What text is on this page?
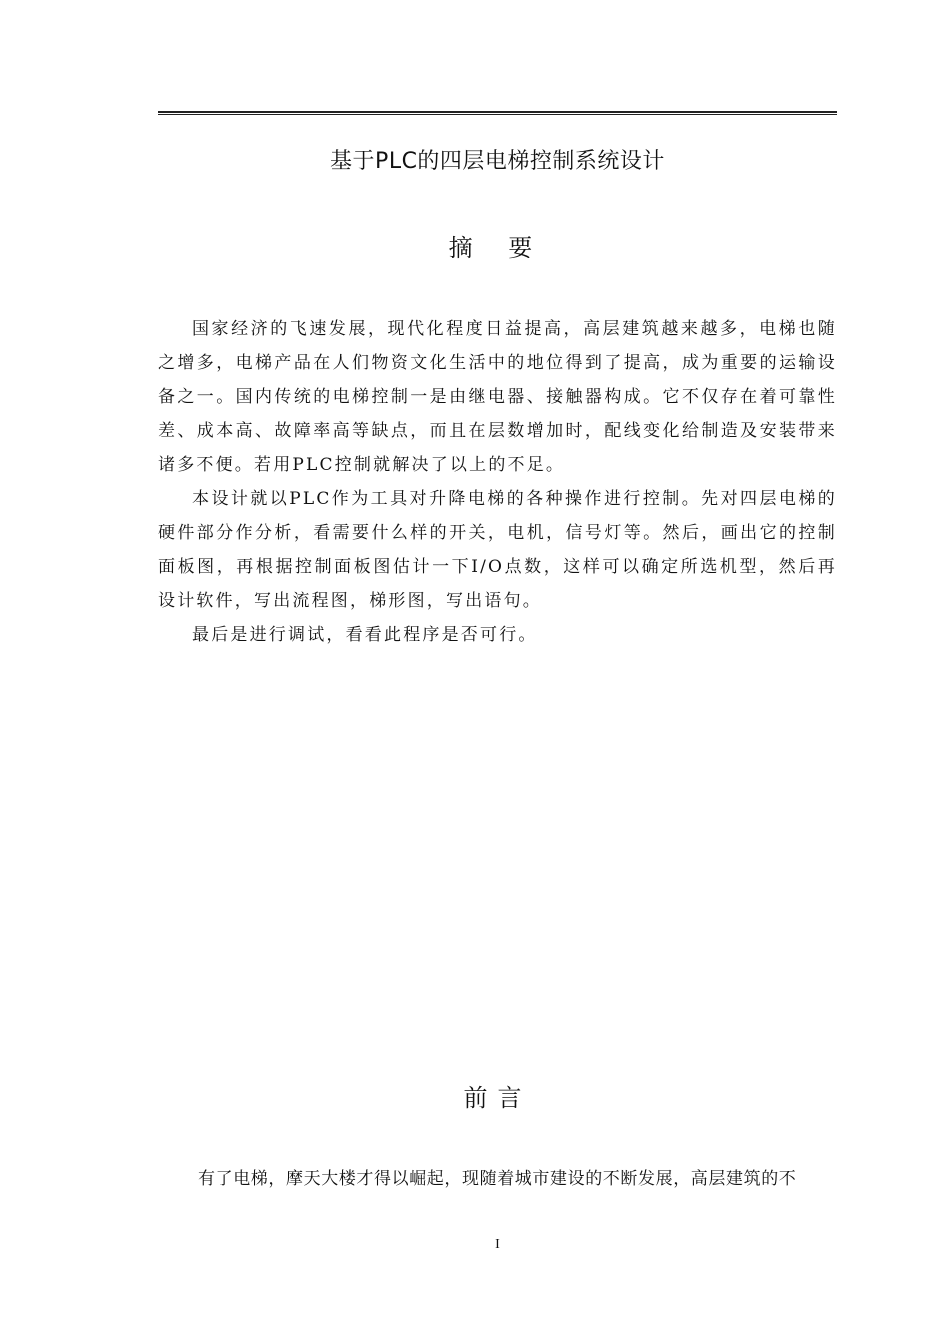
基于PLC的四层电梯控制系统设计
摘 要

国家经济的飞速发展，现代化程度日益提高，高层建筑越来越多，电梯也随之增多，电梯产品在人们物资文化生活中的地位得到了提高，成为重要的运输设备之一。国内传统的电梯控制一是由继电器、接触器构成。它不仅存在着可靠性差、成本高、故障率高等缺点，而且在层数增加时，配线变化给制造及安装带来诸多不便。若用PLC控制就解决了以上的不足。

本设计就以PLC作为工具对升降电梯的各种操作进行控制。先对四层电梯的硬件部分作分析，看需要什么样的开关，电机，信号灯等。然后，画出它的控制面板图，再根据控制面板图估计一下I/O点数，这样可以确定所选机型，然后再设计软件，写出流程图，梯形图，写出语句。

最后是进行调试，看看此程序是否可行。

前言

有了电梯，摩天大楼才得以崛起，现随着城市建设的不断发展，高层建筑的不

I
